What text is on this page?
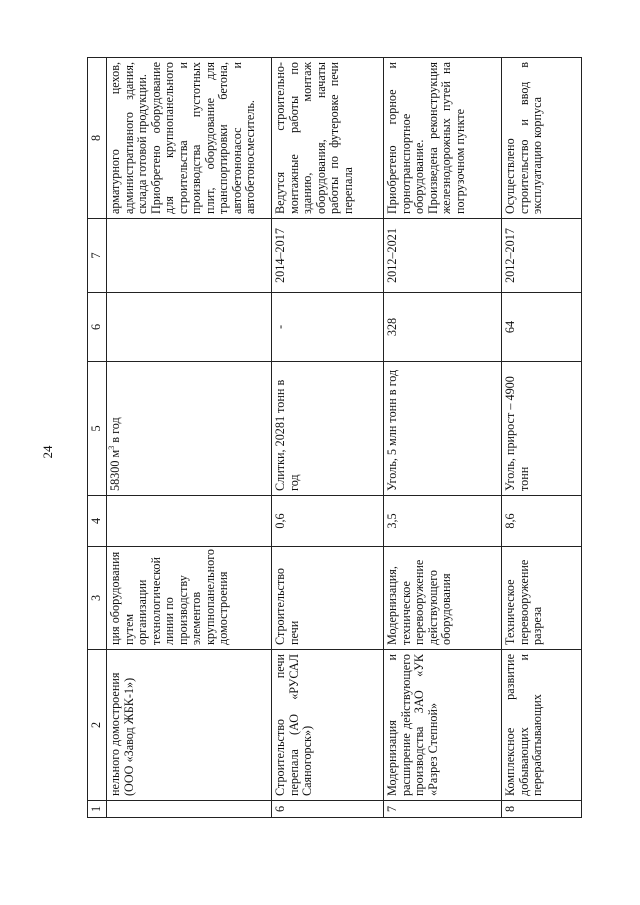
24
1	2	3	4	5	6	7	8
	нельного домостроения (ООО «Завод ЖБК-1»)	ция оборудования путем организации технологической линии по производству элементов крупнопанельного домостроения		58300 $м^3$ в год			арматурного цехов, административного здания, склада готовой продукции. Приобретено оборудование для крупнопанельного строительства и производства пустотных плит, оборудование для транспортировки бетона, автобетононасос и автобетоносмеситель.

6	Строительство печи перепала (АО «РУСАЛ Саяногорск»)	Строительство печи	0,6	Слитки, 20281 тонн в год	-	2014–2017	Ведутся строительно-монтажные работы по зданию, монтаж оборудования, начаты работы по футеровке печи перепала

7	Модернизация и расширение действующего производства ЗАО «УК «Разрез Степной»	Модернизация, техническое перевооружение действующего оборудования	3,5	Уголь, 5 млн тонн в год	328	2012–2021	Приобретено горное и горнотранспортное оборудование. Произведена реконструкция железнодорожных путей на погрузочном пункте

8	Комплексное развитие добывающих и перерабатывающих	Техническое перевооружение разреза	8,6	Уголь, прирост – 4900 тонн	64	2012–2017	Осуществлено строительство и ввод в эксплуатацию корпуса
